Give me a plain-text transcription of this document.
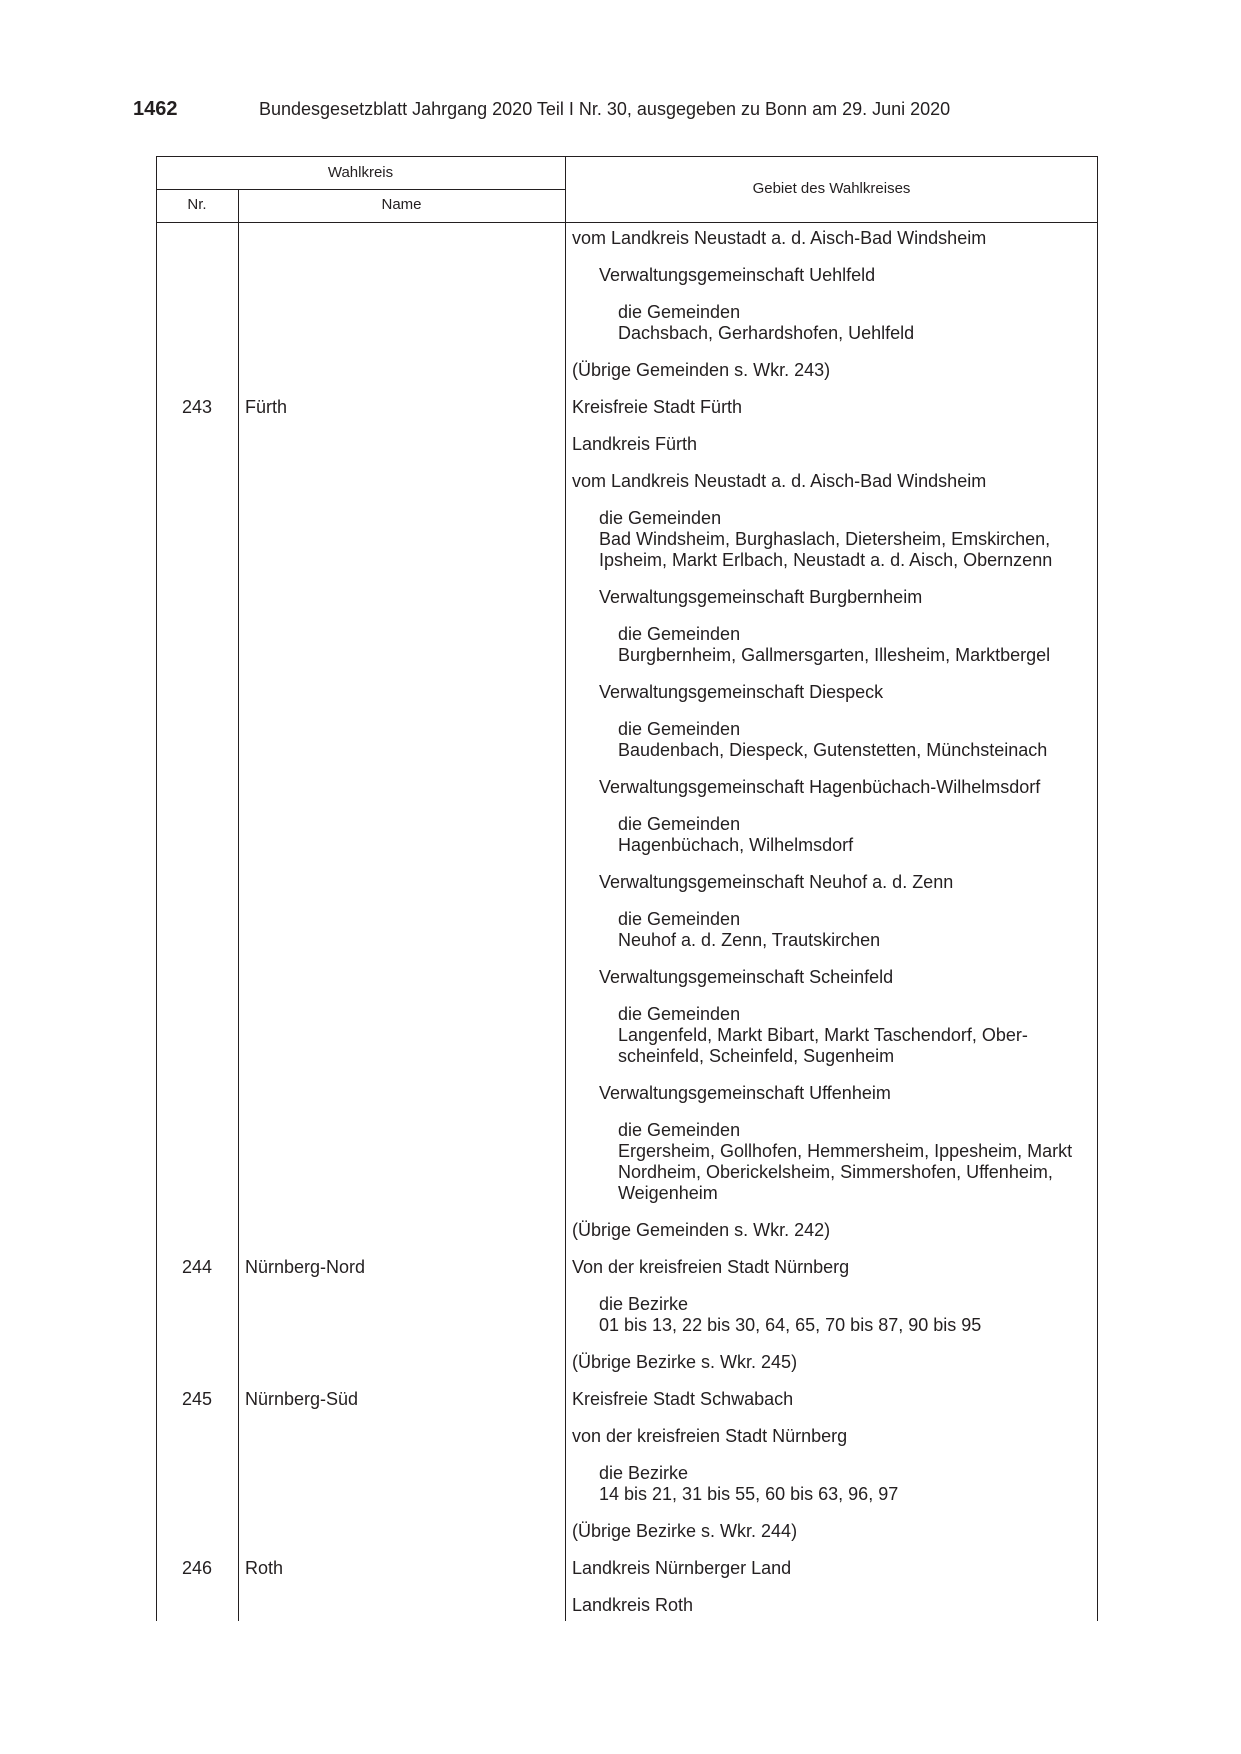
1462	Bundesgesetzblatt Jahrgang 2020 Teil I Nr. 30, ausgegeben zu Bonn am 29. Juni 2020
Wahlkreis
Nr.	Name
Gebiet des Wahlkreises
vom Landkreis Neustadt a. d. Aisch-Bad Windsheim
Verwaltungsgemeinschaft Uehlfeld
die Gemeinden
Dachsbach, Gerhardshofen, Uehlfeld
(Übrige Gemeinden s. Wkr. 243)
243	Fürth	Kreisfreie Stadt Fürth
Landkreis Fürth
vom Landkreis Neustadt a. d. Aisch-Bad Windsheim
die Gemeinden
Bad Windsheim, Burghaslach, Dietersheim, Emskirchen,
Ipsheim, Markt Erlbach, Neustadt a. d. Aisch, Obernzenn
Verwaltungsgemeinschaft Burgbernheim
die Gemeinden
Burgbernheim, Gallmersgarten, Illesheim, Marktbergel
Verwaltungsgemeinschaft Diespeck
die Gemeinden
Baudenbach, Diespeck, Gutenstetten, Münchsteinach
Verwaltungsgemeinschaft Hagenbüchach-Wilhelmsdorf
die Gemeinden
Hagenbüchach, Wilhelmsdorf
Verwaltungsgemeinschaft Neuhof a. d. Zenn
die Gemeinden
Neuhof a. d. Zenn, Trautskirchen
Verwaltungsgemeinschaft Scheinfeld
die Gemeinden
Langenfeld, Markt Bibart, Markt Taschendorf, Ober-
scheinfeld, Scheinfeld, Sugenheim
Verwaltungsgemeinschaft Uffenheim
die Gemeinden
Ergersheim, Gollhofen, Hemmersheim, Ippesheim, Markt
Nordheim, Oberickelsheim, Simmershofen, Uffenheim,
Weigenheim
(Übrige Gemeinden s. Wkr. 242)
244	Nürnberg-Nord	Von der kreisfreien Stadt Nürnberg
die Bezirke
01 bis 13, 22 bis 30, 64, 65, 70 bis 87, 90 bis 95
(Übrige Bezirke s. Wkr. 245)
245	Nürnberg-Süd	Kreisfreie Stadt Schwabach
von der kreisfreien Stadt Nürnberg
die Bezirke
14 bis 21, 31 bis 55, 60 bis 63, 96, 97
(Übrige Bezirke s. Wkr. 244)
246	Roth	Landkreis Nürnberger Land
Landkreis Roth
